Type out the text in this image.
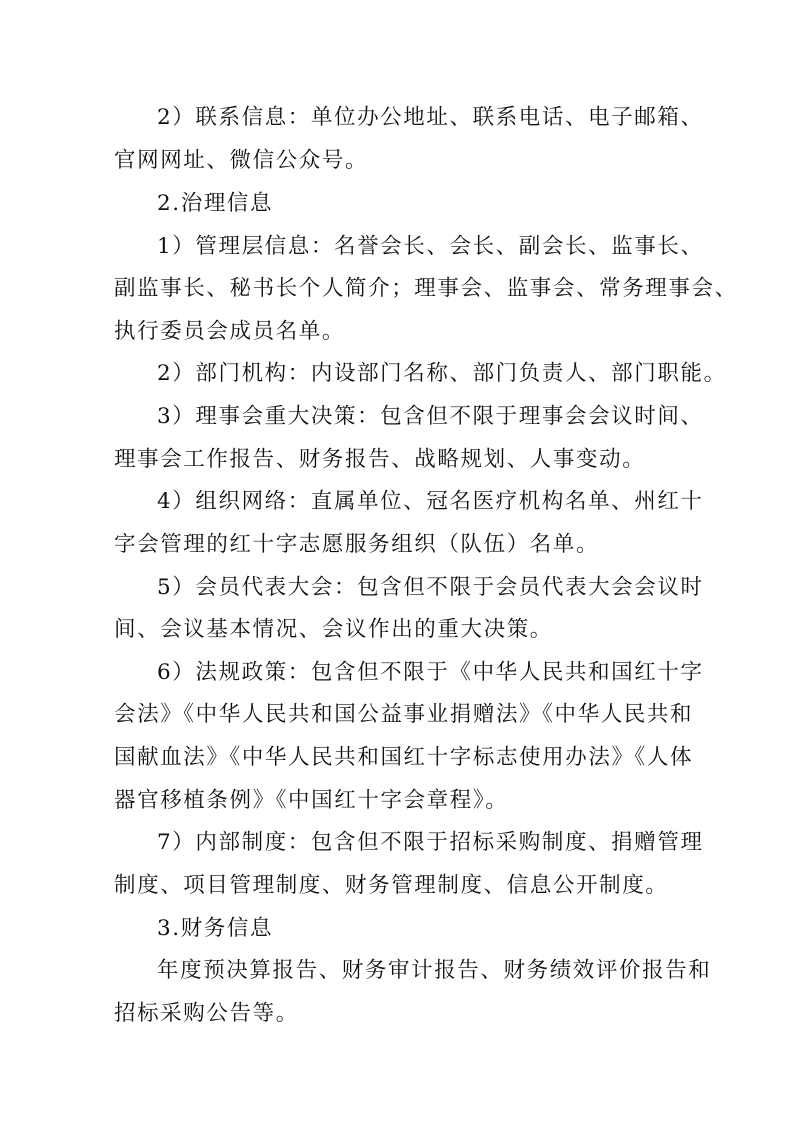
2）联系信息：单位办公地址、联系电话、电子邮箱、
官网网址、微信公众号。
2.治理信息
1）管理层信息：名誉会长、会长、副会长、监事长、
副监事长、秘书长个人简介；理事会、监事会、常务理事会、
执行委员会成员名单。
2）部门机构：内设部门名称、部门负责人、部门职能。
3）理事会重大决策：包含但不限于理事会会议时间、
理事会工作报告、财务报告、战略规划、人事变动。
4）组织网络：直属单位、冠名医疗机构名单、州红十
字会管理的红十字志愿服务组织（队伍）名单。
5）会员代表大会：包含但不限于会员代表大会会议时
间、会议基本情况、会议作出的重大决策。
6）法规政策：包含但不限于《中华人民共和国红十字
会法》《中华人民共和国公益事业捐赠法》《中华人民共和
国献血法》《中华人民共和国红十字标志使用办法》《人体
器官移植条例》《中国红十字会章程》。
7）内部制度：包含但不限于招标采购制度、捐赠管理
制度、项目管理制度、财务管理制度、信息公开制度。
3.财务信息
年度预决算报告、财务审计报告、财务绩效评价报告和
招标采购公告等。
